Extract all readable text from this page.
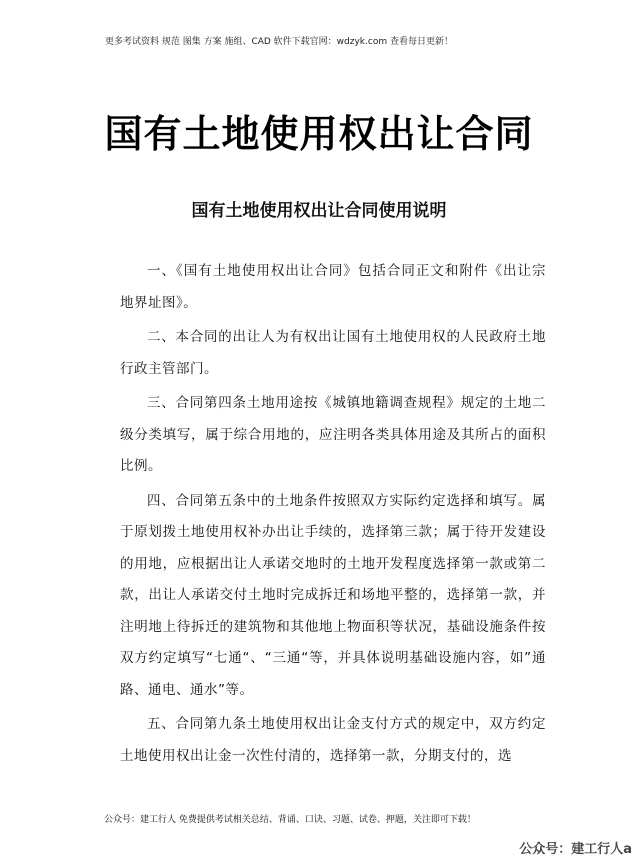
更多考试资料 规范 图集 方案 施组、CAD 软件下载官网：wdzyk.com 查看每日更新！
国有土地使用权出让合同
国有土地使用权出让合同使用说明

一、《国有土地使用权出让合同》包括合同正文和附件《出让宗地界址图》。

二、本合同的出让人为有权出让国有土地使用权的人民政府土地行政主管部门。

三、合同第四条土地用途按《城镇地籍调查规程》规定的土地二级分类填写，属于综合用地的，应注明各类具体用途及其所占的面积比例。

四、合同第五条中的土地条件按照双方实际约定选择和填写。属于原划拨土地使用权补办出让手续的，选择第三款；属于待开发建设的用地，应根据出让人承诺交地时的土地开发程度选择第一款或第二款，出让人承诺交付土地时完成拆迁和场地平整的，选择第一款，并注明地上待拆迁的建筑物和其他地上物面积等状况，基础设施条件按双方约定填写“七通“、“三通“等，并具体说明基础设施内容，如”通路、通电、通水”等。

五、合同第九条土地使用权出让金支付方式的规定中，双方约定土地使用权出让金一次性付清的，选择第一款，分期支付的，选

公众号：建工行人 免费提供考试相关总结、背诵、口诀、习题、试卷、押题，关注即可下载！
公众号：建工行人a
